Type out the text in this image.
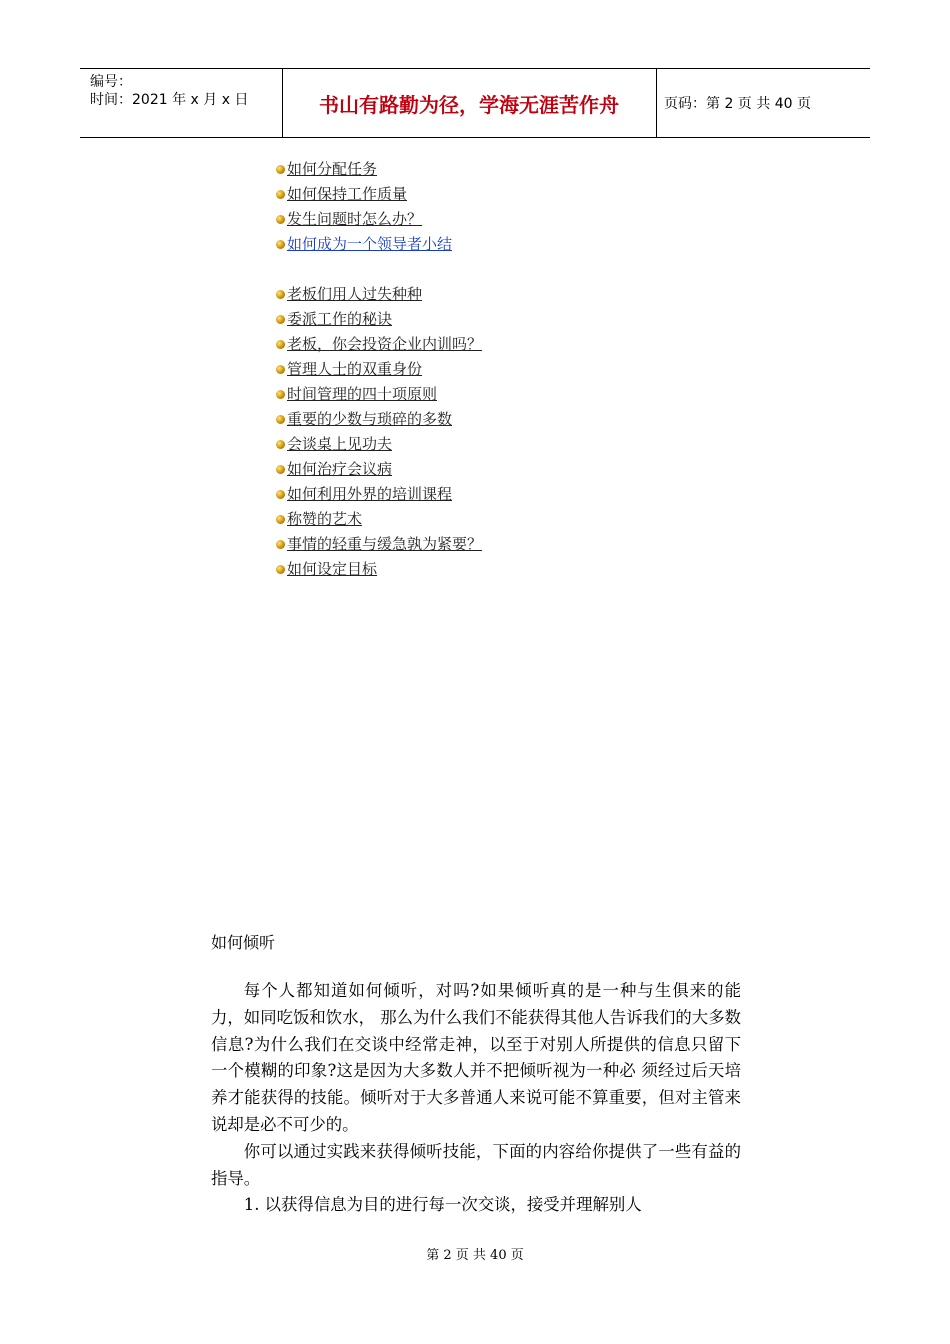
编号：
时间：2021 年 x 月 x 日	书山有路勤为径，学海无涯苦作舟	页码：第 2 页 共 40 页
如何分配任务
如何保持工作质量
发生问题时怎么办？
如何成为一个领导者小结
老板们用人过失种种
委派工作的秘诀
老板，你会投资企业内训吗？
管理人士的双重身份
时间管理的四十项原则
重要的少数与琐碎的多数
会谈桌上见功夫
如何治疗会议病
如何利用外界的培训课程
称赞的艺术
事情的轻重与缓急孰为紧要？
如何设定目标
如何倾听

每个人都知道如何倾听，对吗?如果倾听真的是一种与生俱来的能力，如同吃饭和饮水， 那么为什么我们不能获得其他人告诉我们的大多数信息?为什么我们在交谈中经常走神，以至于对别人所提供的信息只留下一个模糊的印象?这是因为大多数人并不把倾听视为一种必 须经过后天培养才能获得的技能。倾听对于大多普通人来说可能不算重要，但对主管来说却是必不可少的。

你可以通过实践来获得倾听技能，下面的内容给你提供了一些有益的指导。

1. 以获得信息为目的进行每一次交谈，接受并理解别人

第 2 页 共 40 页
